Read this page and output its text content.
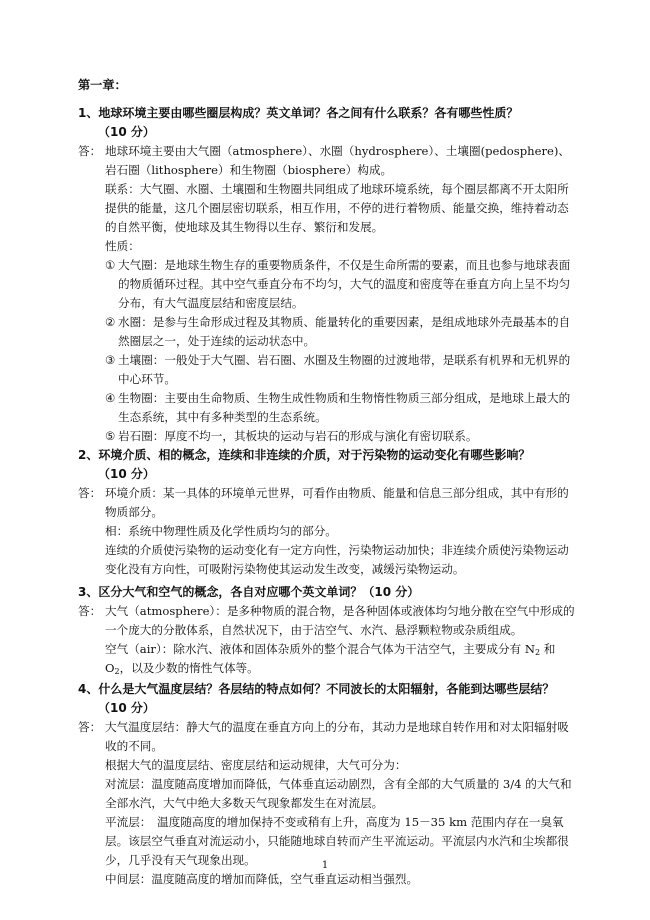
第一章：
1、地球环境主要由哪些圈层构成？英文单词？各之间有什么联系？各有哪些性质？
（10 分）
答： 地球环境主要由大气圈（atmosphere）、水圈（hydrosphere）、土壤圈(pedosphere)、岩石圈（lithosphere）和生物圈（biosphere）构成。
联系：大气圈、水圈、土壤圈和生物圈共同组成了地球环境系统，每个圈层都离不开太阳所提供的能量，这几个圈层密切联系，相互作用，不停的进行着物质、能量交换，维持着动态的自然平衡，使地球及其生物得以生存、繁衍和发展。
性质：
① 大气圈：是地球生物生存的重要物质条件，不仅是生命所需的要素，而且也参与地球表面的物质循环过程。其中空气垂直分布不均匀，大气的温度和密度等在垂直方向上呈不均匀分布，有大气温度层结和密度层结。
② 水圈：是参与生命形成过程及其物质、能量转化的重要因素，是组成地球外壳最基本的自然圈层之一，处于连续的运动状态中。
③ 土壤圈：一般处于大气圈、岩石圈、水圈及生物圈的过渡地带，是联系有机界和无机界的中心环节。
④ 生物圈：主要由生命物质、生物生成性物质和生物惰性物质三部分组成，是地球上最大的生态系统，其中有多种类型的生态系统。
⑤ 岩石圈：厚度不均一，其板块的运动与岩石的形成与演化有密切联系。
2、环境介质、相的概念，连续和非连续的介质，对于污染物的运动变化有哪些影响？
（10 分）
答： 环境介质：某一具体的环境单元世界，可看作由物质、能量和信息三部分组成，其中有形的物质部分。
相：系统中物理性质及化学性质均匀的部分。
连续的介质使污染物的运动变化有一定方向性，污染物运动加快；非连续介质使污染物运动变化没有方向性，可吸附污染物使其运动发生改变，减缓污染物运动。
3、区分大气和空气的概念，各自对应哪个英文单词？（10 分）
答： 大气（atmosphere）：是多种物质的混合物，是各种固体或液体均匀地分散在空气中形成的一个庞大的分散体系，自然状况下，由于洁空气、水汽、悬浮颗粒物或杂质组成。
空气（air）：除水汽、液体和固体杂质外的整个混合气体为干洁空气，主要成分有 $N_2$ 和 $O_2$，以及少数的惰性气体等。
4、什么是大气温度层结？各层结的特点如何？不同波长的太阳辐射，各能到达哪些层结？
（10 分）
答： 大气温度层结：静大气的温度在垂直方向上的分布，其动力是地球自转作用和对太阳辐射吸收的不同。
根据大气的温度层结、密度层结和运动规律，大气可分为：
对流层：温度随高度增加而降低，气体垂直运动剧烈，含有全部的大气质量的 3/4 的大气和全部水汽，大气中绝大多数天气现象都发生在对流层。
平流层：　温度随高度的增加保持不变或稍有上升，高度为 15－35 km 范围内存在一臭氧层。该层空气垂直对流运动小，只能随地球自转而产生平流运动。平流层内水汽和尘埃都很少，几乎没有天气现象出现。
中间层：温度随高度的增加而降低，空气垂直运动相当强烈。
1
